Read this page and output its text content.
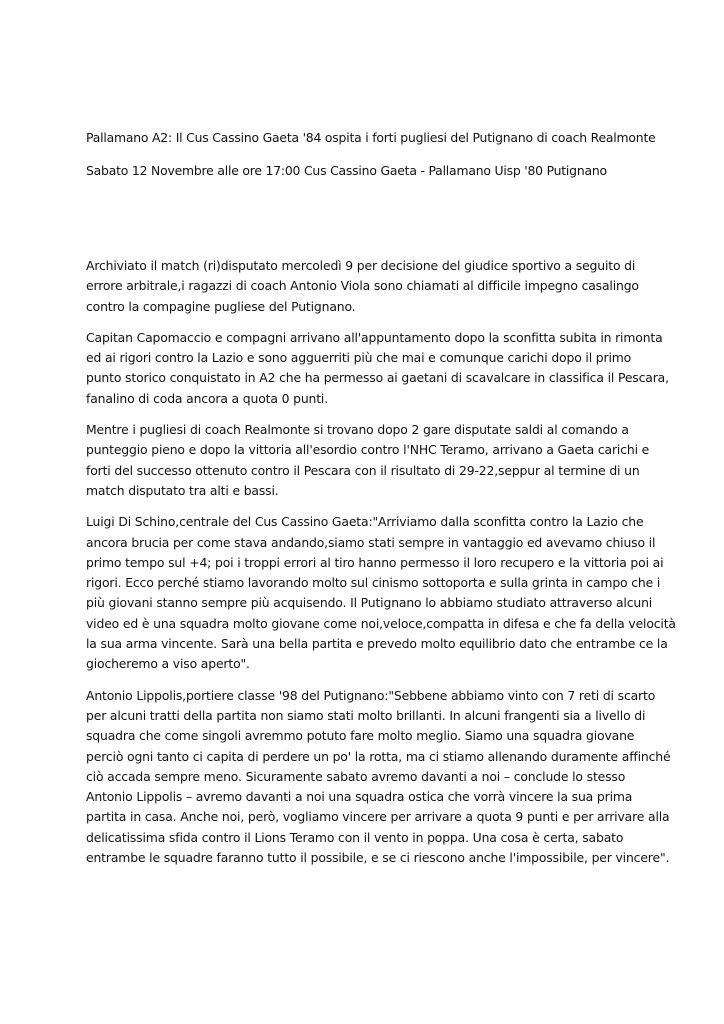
Pallamano A2: Il Cus Cassino Gaeta '84 ospita i forti pugliesi del Putignano di coach Realmonte
Sabato 12 Novembre alle ore 17:00 Cus Cassino Gaeta - Pallamano Uisp '80 Putignano

Archiviato il match (ri)disputato mercoledì 9 per decisione del giudice sportivo a seguito di
errore arbitrale,i ragazzi di coach Antonio Viola sono chiamati al difficile impegno casalingo
contro la compagine pugliese del Putignano.

Capitan Capomaccio e compagni arrivano all'appuntamento dopo la sconfitta subita in rimonta
ed ai rigori contro la Lazio e sono agguerriti più che mai e comunque carichi dopo il primo
punto storico conquistato in A2 che ha permesso ai gaetani di scavalcare in classifica il Pescara,
fanalino di coda ancora a quota 0 punti.

Mentre i pugliesi di coach Realmonte si trovano dopo 2 gare disputate saldi al comando a
punteggio pieno e dopo la vittoria all'esordio contro l'NHC Teramo, arrivano a Gaeta carichi e
forti del successo ottenuto contro il Pescara con il risultato di 29-22,seppur al termine di un
match disputato tra alti e bassi.

Luigi Di Schino,centrale del Cus Cassino Gaeta:"Arriviamo dalla sconfitta contro la Lazio che
ancora brucia per come stava andando,siamo stati sempre in vantaggio ed avevamo chiuso il
primo tempo sul +4; poi i troppi errori al tiro hanno permesso il loro recupero e la vittoria poi ai
rigori. Ecco perché stiamo lavorando molto sul cinismo sottoporta e sulla grinta in campo che i
più giovani stanno sempre più acquisendo. Il Putignano lo abbiamo studiato attraverso alcuni
video ed è una squadra molto giovane come noi,veloce,compatta in difesa e che fa della velocità
la sua arma vincente. Sarà una bella partita e prevedo molto equilibrio dato che entrambe ce la
giocheremo a viso aperto".

Antonio Lippolis,portiere classe '98 del Putignano:"Sebbene abbiamo vinto con 7 reti di scarto
per alcuni tratti della partita non siamo stati molto brillanti. In alcuni frangenti sia a livello di
squadra che come singoli avremmo potuto fare molto meglio. Siamo una squadra giovane
perciò ogni tanto ci capita di perdere un po' la rotta, ma ci stiamo allenando duramente affinché
ciò accada sempre meno. Sicuramente sabato avremo davanti a noi – conclude lo stesso
Antonio Lippolis – avremo davanti a noi una squadra ostica che vorrà vincere la sua prima
partita in casa. Anche noi, però, vogliamo vincere per arrivare a quota 9 punti e per arrivare alla
delicatissima sfida contro il Lions Teramo con il vento in poppa. Una cosa è certa, sabato
entrambe le squadre faranno tutto il possibile, e se ci riescono anche l'impossibile, per vincere".
